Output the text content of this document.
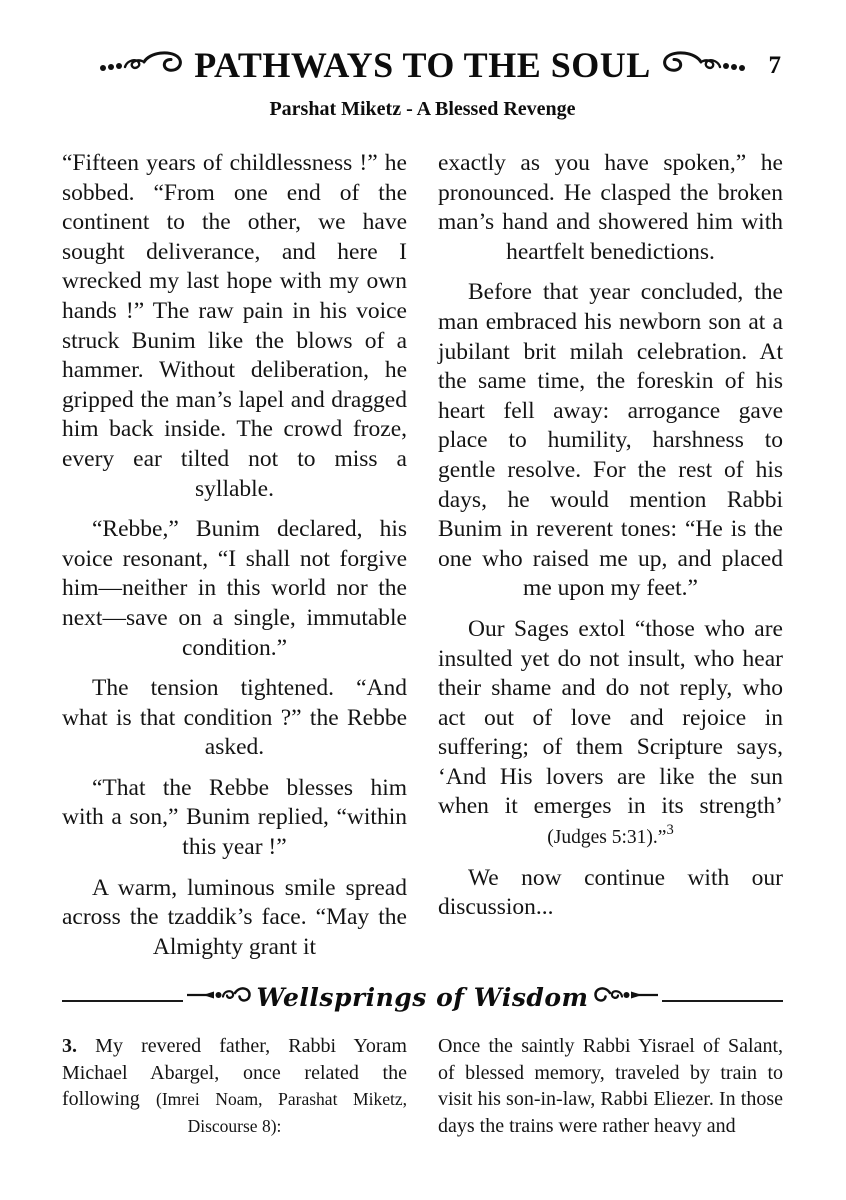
PATHWAYS TO THE SOUL	7
Parshat Miketz - A Blessed Revenge

“Fifteen years of childlessness !” he sobbed. “From one end of the continent to the other, we have sought deliverance, and here I wrecked my last hope with my own hands !” The raw pain in his voice struck Bunim like the blows of a hammer. Without deliberation, he gripped the man’s lapel and dragged him back inside. The crowd froze, every ear tilted not to miss a syllable.

“Rebbe,” Bunim declared, his voice resonant, “I shall not forgive him—neither in this world nor the next—save on a single, immutable condition.”

The tension tightened. “And what is that condition ?” the Rebbe asked.

“That the Rebbe blesses him with a son,” Bunim replied, “within this year !”

A warm, luminous smile spread across the tzaddik’s face. “May the Almighty grant it

exactly as you have spoken,” he pronounced. He clasped the broken man’s hand and showered him with heartfelt benedictions.

Before that year concluded, the man embraced his newborn son at a jubilant brit milah celebration. At the same time, the foreskin of his heart fell away: arrogance gave place to humility, harshness to gentle resolve. For the rest of his days, he would mention Rabbi Bunim in reverent tones: “He is the one who raised me up, and placed me upon my feet.”

Our Sages extol “those who are insulted yet do not insult, who hear their shame and do not reply, who act out of love and rejoice in suffering; of them Scripture says, ‘And His lovers are like the sun when it emerges in its strength’ (Judges 5:31).”$^3$

We now continue with our discussion...

Wellsprings of Wisdom
3. My revered father, Rabbi Yoram Michael Abargel, once related the following (Imrei Noam, Parashat Miketz, Discourse 8):
Once the saintly Rabbi Yisrael of Salant, of blessed memory, traveled by train to visit his son-in-law, Rabbi Eliezer. In those days the trains were rather heavy and
